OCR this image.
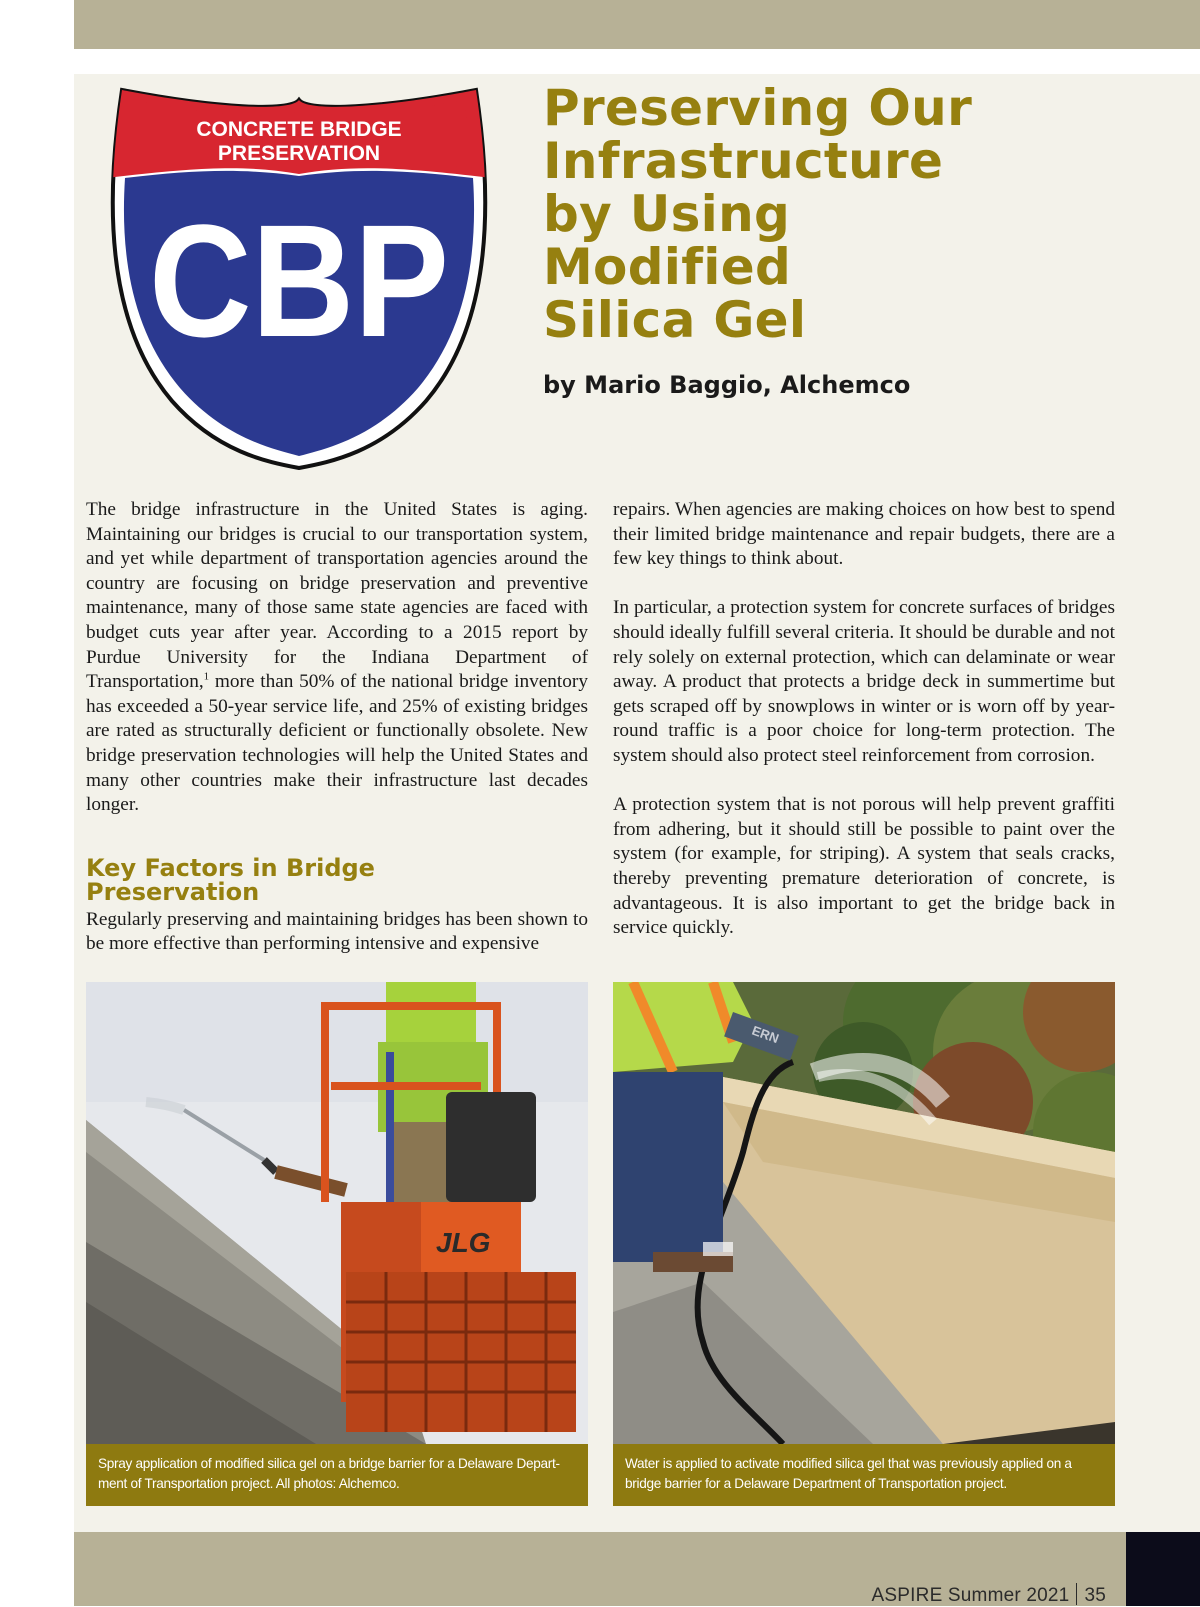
CONCRETE BRIDGE
PRESERVATION
CBP
Preserving Our
Infrastructure
by Using
Modified
Silica Gel

by Mario Baggio, Alchemco

The bridge infrastructure in the United States is aging. Maintaining our bridges is crucial to our transportation system, and yet while department of transportation agencies around the country are focusing on bridge preservation and preventive maintenance, many of those same state agencies are faced with budget cuts year after year. According to a 2015 report by Purdue University for the Indiana Department of Transportation,$^1$ more than 50% of the national bridge inventory has exceeded a 50-year service life, and 25% of existing bridges are rated as structurally deficient or functionally obsolete. New bridge preservation technologies will help the United States and many other countries make their infrastructure last decades longer.

Key Factors in Bridge
Preservation

Regularly preserving and maintaining bridges has been shown to be more effective than performing intensive and expensive

repairs. When agencies are making choices on how best to spend their limited bridge maintenance and repair budgets, there are a few key things to think about.

In particular, a protection system for concrete surfaces of bridges should ideally fulfill several criteria. It should be durable and not rely solely on external protection, which can delaminate or wear away. A product that protects a bridge deck in summertime but gets scraped off by snowplows in winter or is worn off by year-round traffic is a poor choice for long-term protection. The system should also protect steel reinforcement from corrosion.

A protection system that is not porous will help prevent graffiti from adhering, but it should still be possible to paint over the system (for example, for striping). A system that seals cracks, thereby preventing premature deterioration of concrete, is advantageous. It is also important to get the bridge back in service quickly.

JLG
Spray application of modified silica gel on a bridge barrier for a Delaware Depart-
ment of Transportation project. All photos: Alchemco.
ERN
Water is applied to activate modified silica gel that was previously applied on a
bridge barrier for a Delaware Department of Transportation project.
ASPIRE Summer 2021 35
